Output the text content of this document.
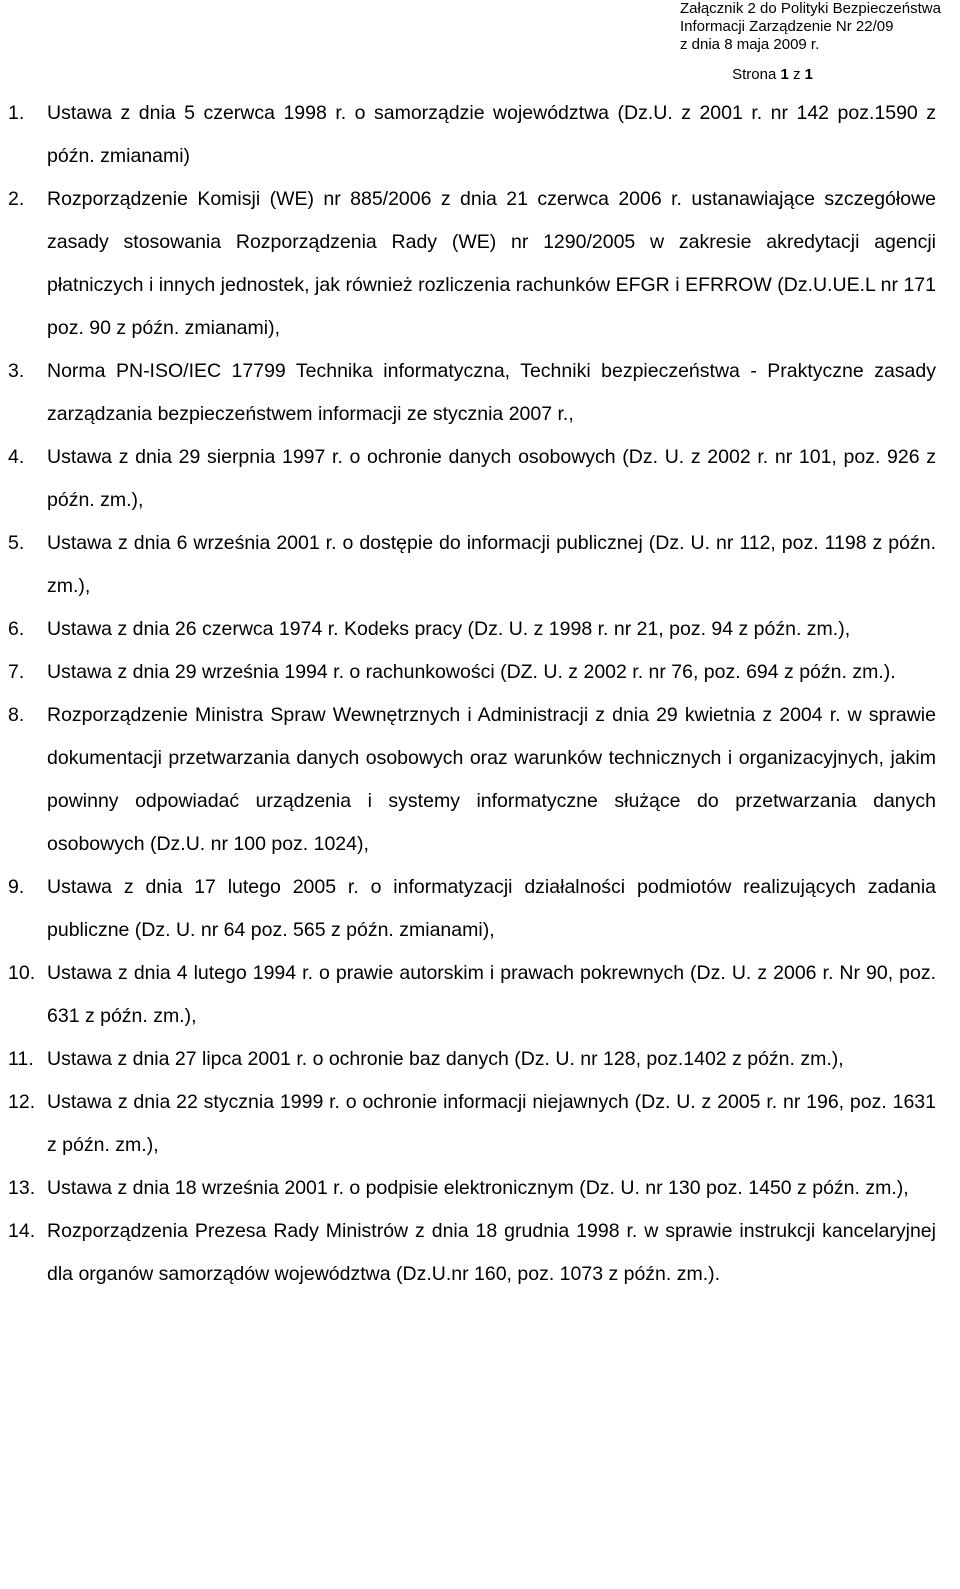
Załącznik 2 do Polityki Bezpieczeństwa
Informacji Zarządzenie Nr 22/09
z dnia 8 maja 2009 r.
Strona 1 z 1
1. Ustawa z dnia 5 czerwca 1998 r. o samorządzie województwa (Dz.U. z 2001 r. nr 142 poz.1590 z późn. zmianami)
2. Rozporządzenie Komisji (WE) nr 885/2006 z dnia 21 czerwca 2006 r. ustanawiające szczegółowe zasady stosowania Rozporządzenia Rady (WE) nr 1290/2005 w zakresie akredytacji agencji płatniczych i innych jednostek, jak również rozliczenia rachunków EFGR i EFRROW (Dz.U.UE.L nr 171 poz. 90 z późn. zmianami),
3. Norma PN-ISO/IEC 17799 Technika informatyczna, Techniki bezpieczeństwa - Praktyczne zasady zarządzania bezpieczeństwem informacji ze stycznia 2007 r.,
4. Ustawa z dnia 29 sierpnia 1997 r. o ochronie danych osobowych (Dz. U. z 2002 r. nr 101, poz. 926 z późn. zm.),
5. Ustawa z dnia 6 września 2001 r. o dostępie do informacji publicznej (Dz. U. nr 112, poz. 1198 z późn. zm.),
6. Ustawa z dnia 26 czerwca 1974 r. Kodeks pracy (Dz. U. z 1998 r. nr 21, poz. 94 z późn. zm.),
7. Ustawa z dnia 29 września 1994 r. o rachunkowości (DZ. U. z 2002 r. nr 76, poz. 694 z późn. zm.).
8. Rozporządzenie Ministra Spraw Wewnętrznych i Administracji z dnia 29 kwietnia z 2004 r. w sprawie dokumentacji przetwarzania danych osobowych oraz warunków technicznych i organizacyjnych, jakim powinny odpowiadać urządzenia i systemy informatyczne służące do przetwarzania danych osobowych (Dz.U. nr 100 poz. 1024),
9. Ustawa z dnia 17 lutego 2005 r. o informatyzacji działalności podmiotów realizujących zadania publiczne (Dz. U. nr 64 poz. 565 z późn. zmianami),
10. Ustawa z dnia 4 lutego 1994 r. o prawie autorskim i prawach pokrewnych (Dz. U. z 2006 r. Nr 90, poz. 631 z późn. zm.),
11. Ustawa z dnia 27 lipca 2001 r. o ochronie baz danych (Dz. U. nr 128, poz.1402 z późn. zm.),
12. Ustawa z dnia 22 stycznia 1999 r. o ochronie informacji niejawnych (Dz. U. z 2005 r. nr 196, poz. 1631 z późn. zm.),
13. Ustawa z dnia 18 września 2001 r. o podpisie elektronicznym (Dz. U. nr 130 poz. 1450 z późn. zm.),
14. Rozporządzenia Prezesa Rady Ministrów z dnia 18 grudnia 1998 r. w sprawie instrukcji kancelaryjnej dla organów samorządów województwa (Dz.U.nr 160, poz. 1073 z późn. zm.).
